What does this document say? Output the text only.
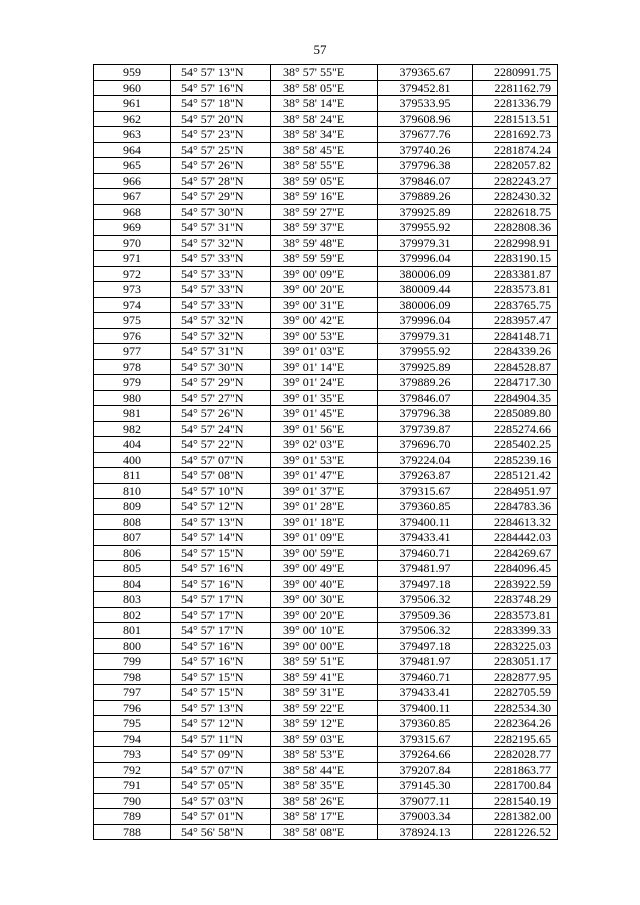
57
959	54° 57' 13"N	38° 57' 55"E	379365.67	2280991.75
960	54° 57' 16"N	38° 58' 05"E	379452.81	2281162.79
961	54° 57' 18"N	38° 58' 14"E	379533.95	2281336.79
962	54° 57' 20"N	38° 58' 24"E	379608.96	2281513.51
963	54° 57' 23"N	38° 58' 34"E	379677.76	2281692.73
964	54° 57' 25"N	38° 58' 45"E	379740.26	2281874.24
965	54° 57' 26"N	38° 58' 55"E	379796.38	2282057.82
966	54° 57' 28"N	38° 59' 05"E	379846.07	2282243.27
967	54° 57' 29"N	38° 59' 16"E	379889.26	2282430.32
968	54° 57' 30"N	38° 59' 27"E	379925.89	2282618.75
969	54° 57' 31"N	38° 59' 37"E	379955.92	2282808.36
970	54° 57' 32"N	38° 59' 48"E	379979.31	2282998.91
971	54° 57' 33"N	38° 59' 59"E	379996.04	2283190.15
972	54° 57' 33"N	39° 00' 09"E	380006.09	2283381.87
973	54° 57' 33"N	39° 00' 20"E	380009.44	2283573.81
974	54° 57' 33"N	39° 00' 31"E	380006.09	2283765.75
975	54° 57' 32"N	39° 00' 42"E	379996.04	2283957.47
976	54° 57' 32"N	39° 00' 53"E	379979.31	2284148.71
977	54° 57' 31"N	39° 01' 03"E	379955.92	2284339.26
978	54° 57' 30"N	39° 01' 14"E	379925.89	2284528.87
979	54° 57' 29"N	39° 01' 24"E	379889.26	2284717.30
980	54° 57' 27"N	39° 01' 35"E	379846.07	2284904.35
981	54° 57' 26"N	39° 01' 45"E	379796.38	2285089.80
982	54° 57' 24"N	39° 01' 56"E	379739.87	2285274.66
404	54° 57' 22"N	39° 02' 03"E	379696.70	2285402.25
400	54° 57' 07"N	39° 01' 53"E	379224.04	2285239.16
811	54° 57' 08"N	39° 01' 47"E	379263.87	2285121.42
810	54° 57' 10"N	39° 01' 37"E	379315.67	2284951.97
809	54° 57' 12"N	39° 01' 28"E	379360.85	2284783.36
808	54° 57' 13"N	39° 01' 18"E	379400.11	2284613.32
807	54° 57' 14"N	39° 01' 09"E	379433.41	2284442.03
806	54° 57' 15"N	39° 00' 59"E	379460.71	2284269.67
805	54° 57' 16"N	39° 00' 49"E	379481.97	2284096.45
804	54° 57' 16"N	39° 00' 40"E	379497.18	2283922.59
803	54° 57' 17"N	39° 00' 30"E	379506.32	2283748.29
802	54° 57' 17"N	39° 00' 20"E	379509.36	2283573.81
801	54° 57' 17"N	39° 00' 10"E	379506.32	2283399.33
800	54° 57' 16"N	39° 00' 00"E	379497.18	2283225.03
799	54° 57' 16"N	38° 59' 51"E	379481.97	2283051.17
798	54° 57' 15"N	38° 59' 41"E	379460.71	2282877.95
797	54° 57' 15"N	38° 59' 31"E	379433.41	2282705.59
796	54° 57' 13"N	38° 59' 22"E	379400.11	2282534.30
795	54° 57' 12"N	38° 59' 12"E	379360.85	2282364.26
794	54° 57' 11"N	38° 59' 03"E	379315.67	2282195.65
793	54° 57' 09"N	38° 58' 53"E	379264.66	2282028.77
792	54° 57' 07"N	38° 58' 44"E	379207.84	2281863.77
791	54° 57' 05"N	38° 58' 35"E	379145.30	2281700.84
790	54° 57' 03"N	38° 58' 26"E	379077.11	2281540.19
789	54° 57' 01"N	38° 58' 17"E	379003.34	2281382.00
788	54° 56' 58"N	38° 58' 08"E	378924.13	2281226.52
